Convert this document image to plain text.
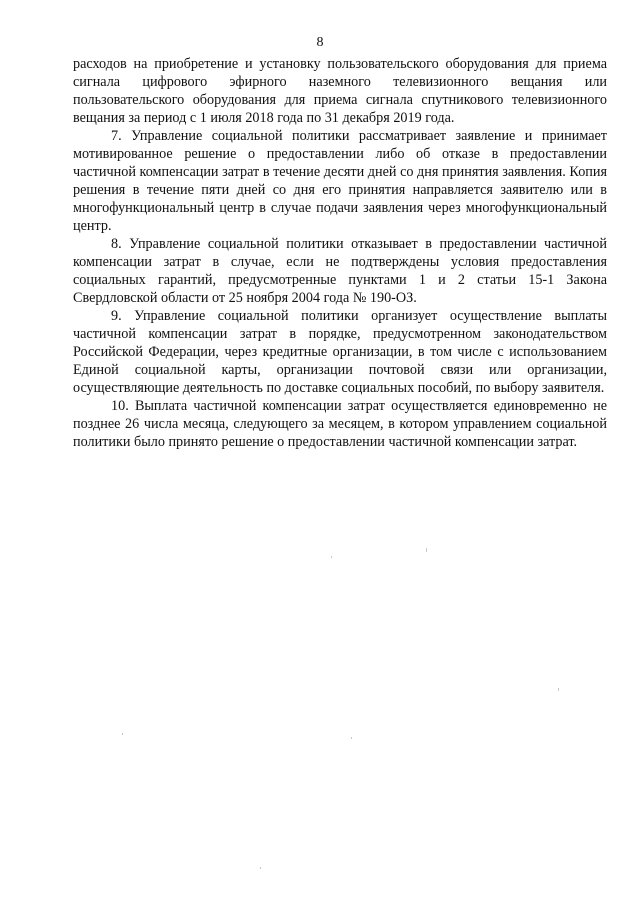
8

расходов на приобретение и установку пользовательского оборудования для приема сигнала цифрового эфирного наземного телевизионного вещания или пользовательского оборудования для приема сигнала спутникового телевизионного вещания за период с 1 июля 2018 года по 31 декабря 2019 года.

7. Управление социальной политики рассматривает заявление и принимает мотивированное решение о предоставлении либо об отказе в предоставлении частичной компенсации затрат в течение десяти дней со дня принятия заявления. Копия решения в течение пяти дней со дня его принятия направляется заявителю или в многофункциональный центр в случае подачи заявления через многофункциональный центр.

8. Управление социальной политики отказывает в предоставлении частичной компенсации затрат в случае, если не подтверждены условия предоставления социальных гарантий, предусмотренные пунктами 1 и 2 статьи 15-1 Закона Свердловской области от 25 ноября 2004 года № 190-ОЗ.

9. Управление социальной политики организует осуществление выплаты частичной компенсации затрат в порядке, предусмотренном законодательством Российской Федерации, через кредитные организации, в том числе с использованием Единой социальной карты, организации почтовой связи или организации, осуществляющие деятельность по доставке социальных пособий, по выбору заявителя.

10. Выплата частичной компенсации затрат осуществляется единовременно не позднее 26 числа месяца, следующего за месяцем, в котором управлением социальной политики было принято решение о предоставлении частичной компенсации затрат.
